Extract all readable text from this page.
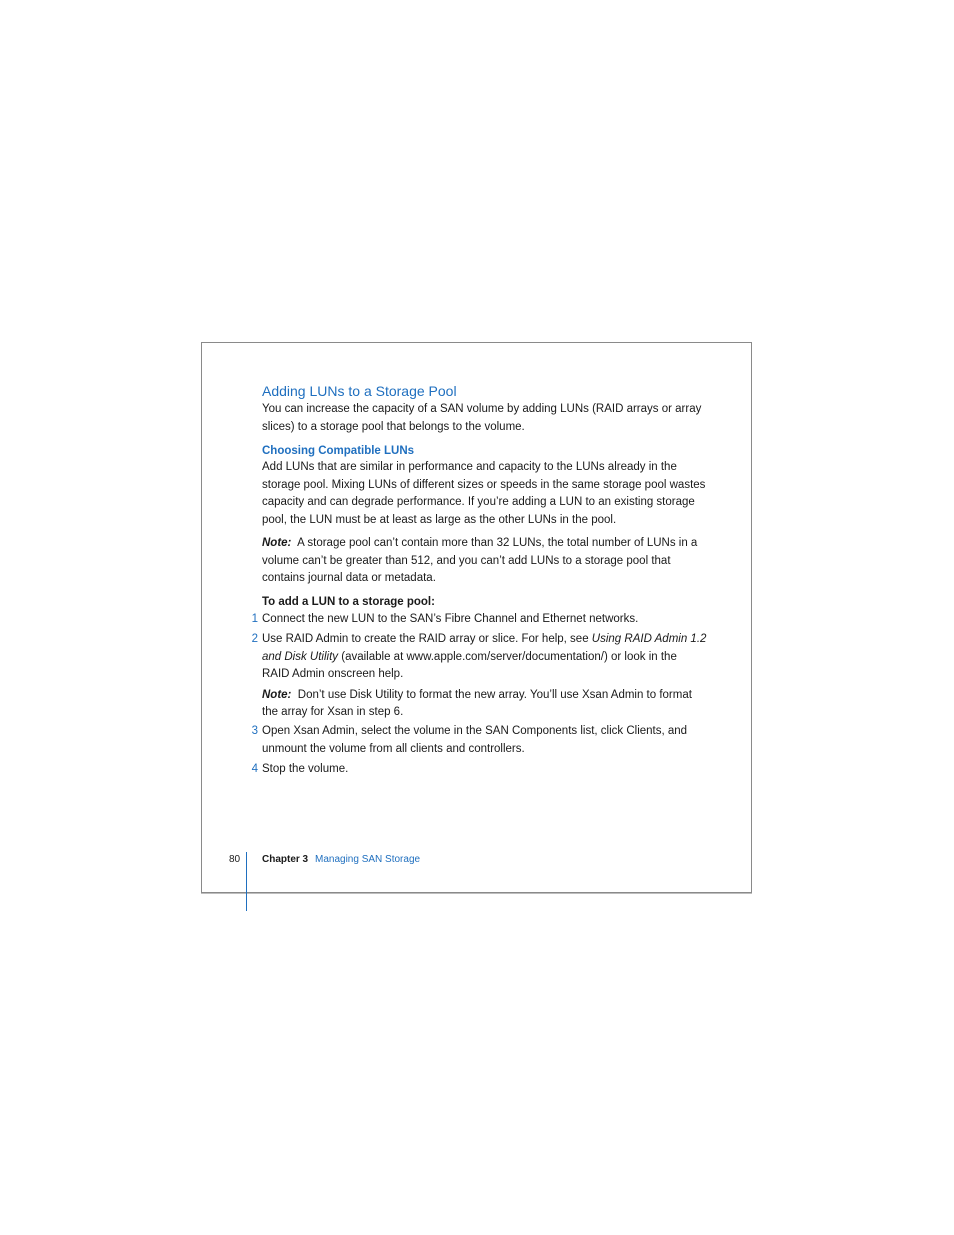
Adding LUNs to a Storage Pool

You can increase the capacity of a SAN volume by adding LUNs (RAID arrays or array slices) to a storage pool that belongs to the volume.

Choosing Compatible LUNs

Add LUNs that are similar in performance and capacity to the LUNs already in the storage pool. Mixing LUNs of different sizes or speeds in the same storage pool wastes capacity and can degrade performance. If you’re adding a LUN to an existing storage pool, the LUN must be at least as large as the other LUNs in the pool.

Note: A storage pool can’t contain more than 32 LUNs, the total number of LUNs in a volume can’t be greater than 512, and you can’t add LUNs to a storage pool that contains journal data or metadata.

To add a LUN to a storage pool:

1 Connect the new LUN to the SAN’s Fibre Channel and Ethernet networks.
2 Use RAID Admin to create the RAID array or slice. For help, see Using RAID Admin 1.2 and Disk Utility (available at www.apple.com/server/documentation/) or look in the RAID Admin onscreen help.

Note: Don’t use Disk Utility to format the new array. You’ll use Xsan Admin to format the array for Xsan in step 6.

3 Open Xsan Admin, select the volume in the SAN Components list, click Clients, and unmount the volume from all clients and controllers.
4 Stop the volume.
80 Chapter 3 Managing SAN Storage
